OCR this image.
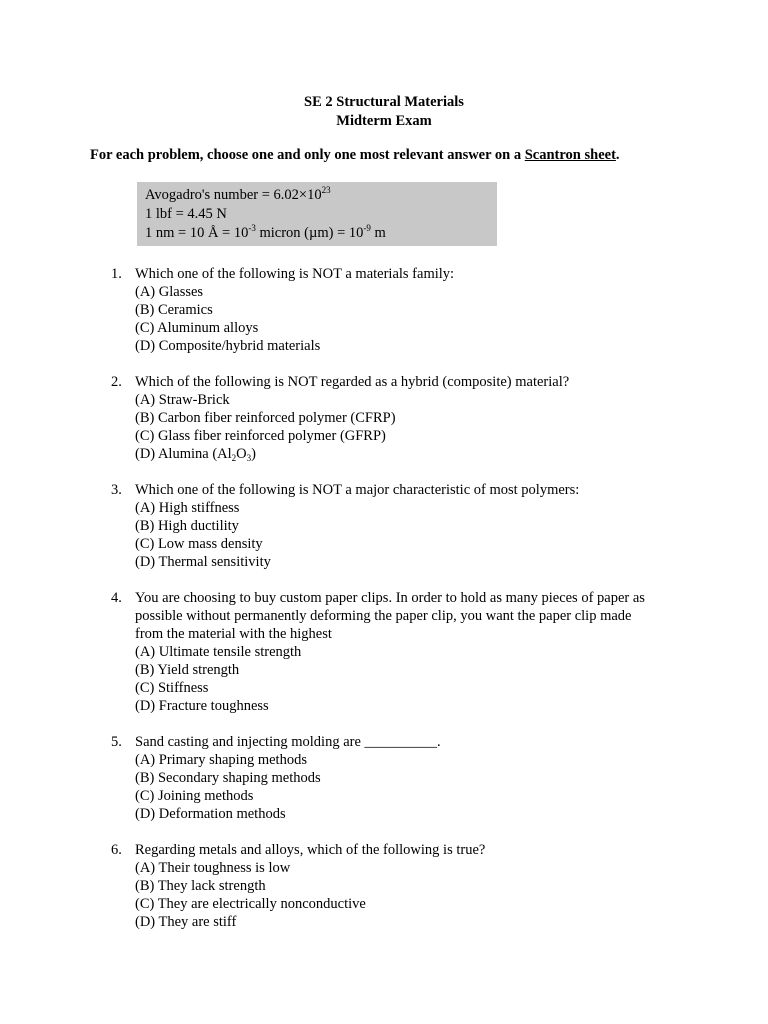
SE 2 Structural Materials
Midterm Exam
For each problem, choose one and only one most relevant answer on a Scantron sheet.
Avogadro's number = $6.02\times 10^{23}$
1 lbf = 4.45 N
1 nm = 10 Å = $10^{-3}$ micron $(\mu m) = 10^{-9}$ m
1. Which one of the following is NOT a materials family:
(A) Glasses
(B) Ceramics
(C) Aluminum alloys
(D) Composite/hybrid materials
2. Which of the following is NOT regarded as a hybrid (composite) material?
(A) Straw-Brick
(B) Carbon fiber reinforced polymer (CFRP)
(C) Glass fiber reinforced polymer (GFRP)
(D) Alumina $(Al_2O_3)$
3. Which one of the following is NOT a major characteristic of most polymers:
(A) High stiffness
(B) High ductility
(C) Low mass density
(D) Thermal sensitivity
4. You are choosing to buy custom paper clips. In order to hold as many pieces of paper as
possible without permanently deforming the paper clip, you want the paper clip made
from the material with the highest
(A) Ultimate tensile strength
(B) Yield strength
(C) Stiffness
(D) Fracture toughness
5. Sand casting and injecting molding are __________.
(A) Primary shaping methods
(B) Secondary shaping methods
(C) Joining methods
(D) Deformation methods
6. Regarding metals and alloys, which of the following is true?
(A) Their toughness is low
(B) They lack strength
(C) They are electrically nonconductive
(D) They are stiff
